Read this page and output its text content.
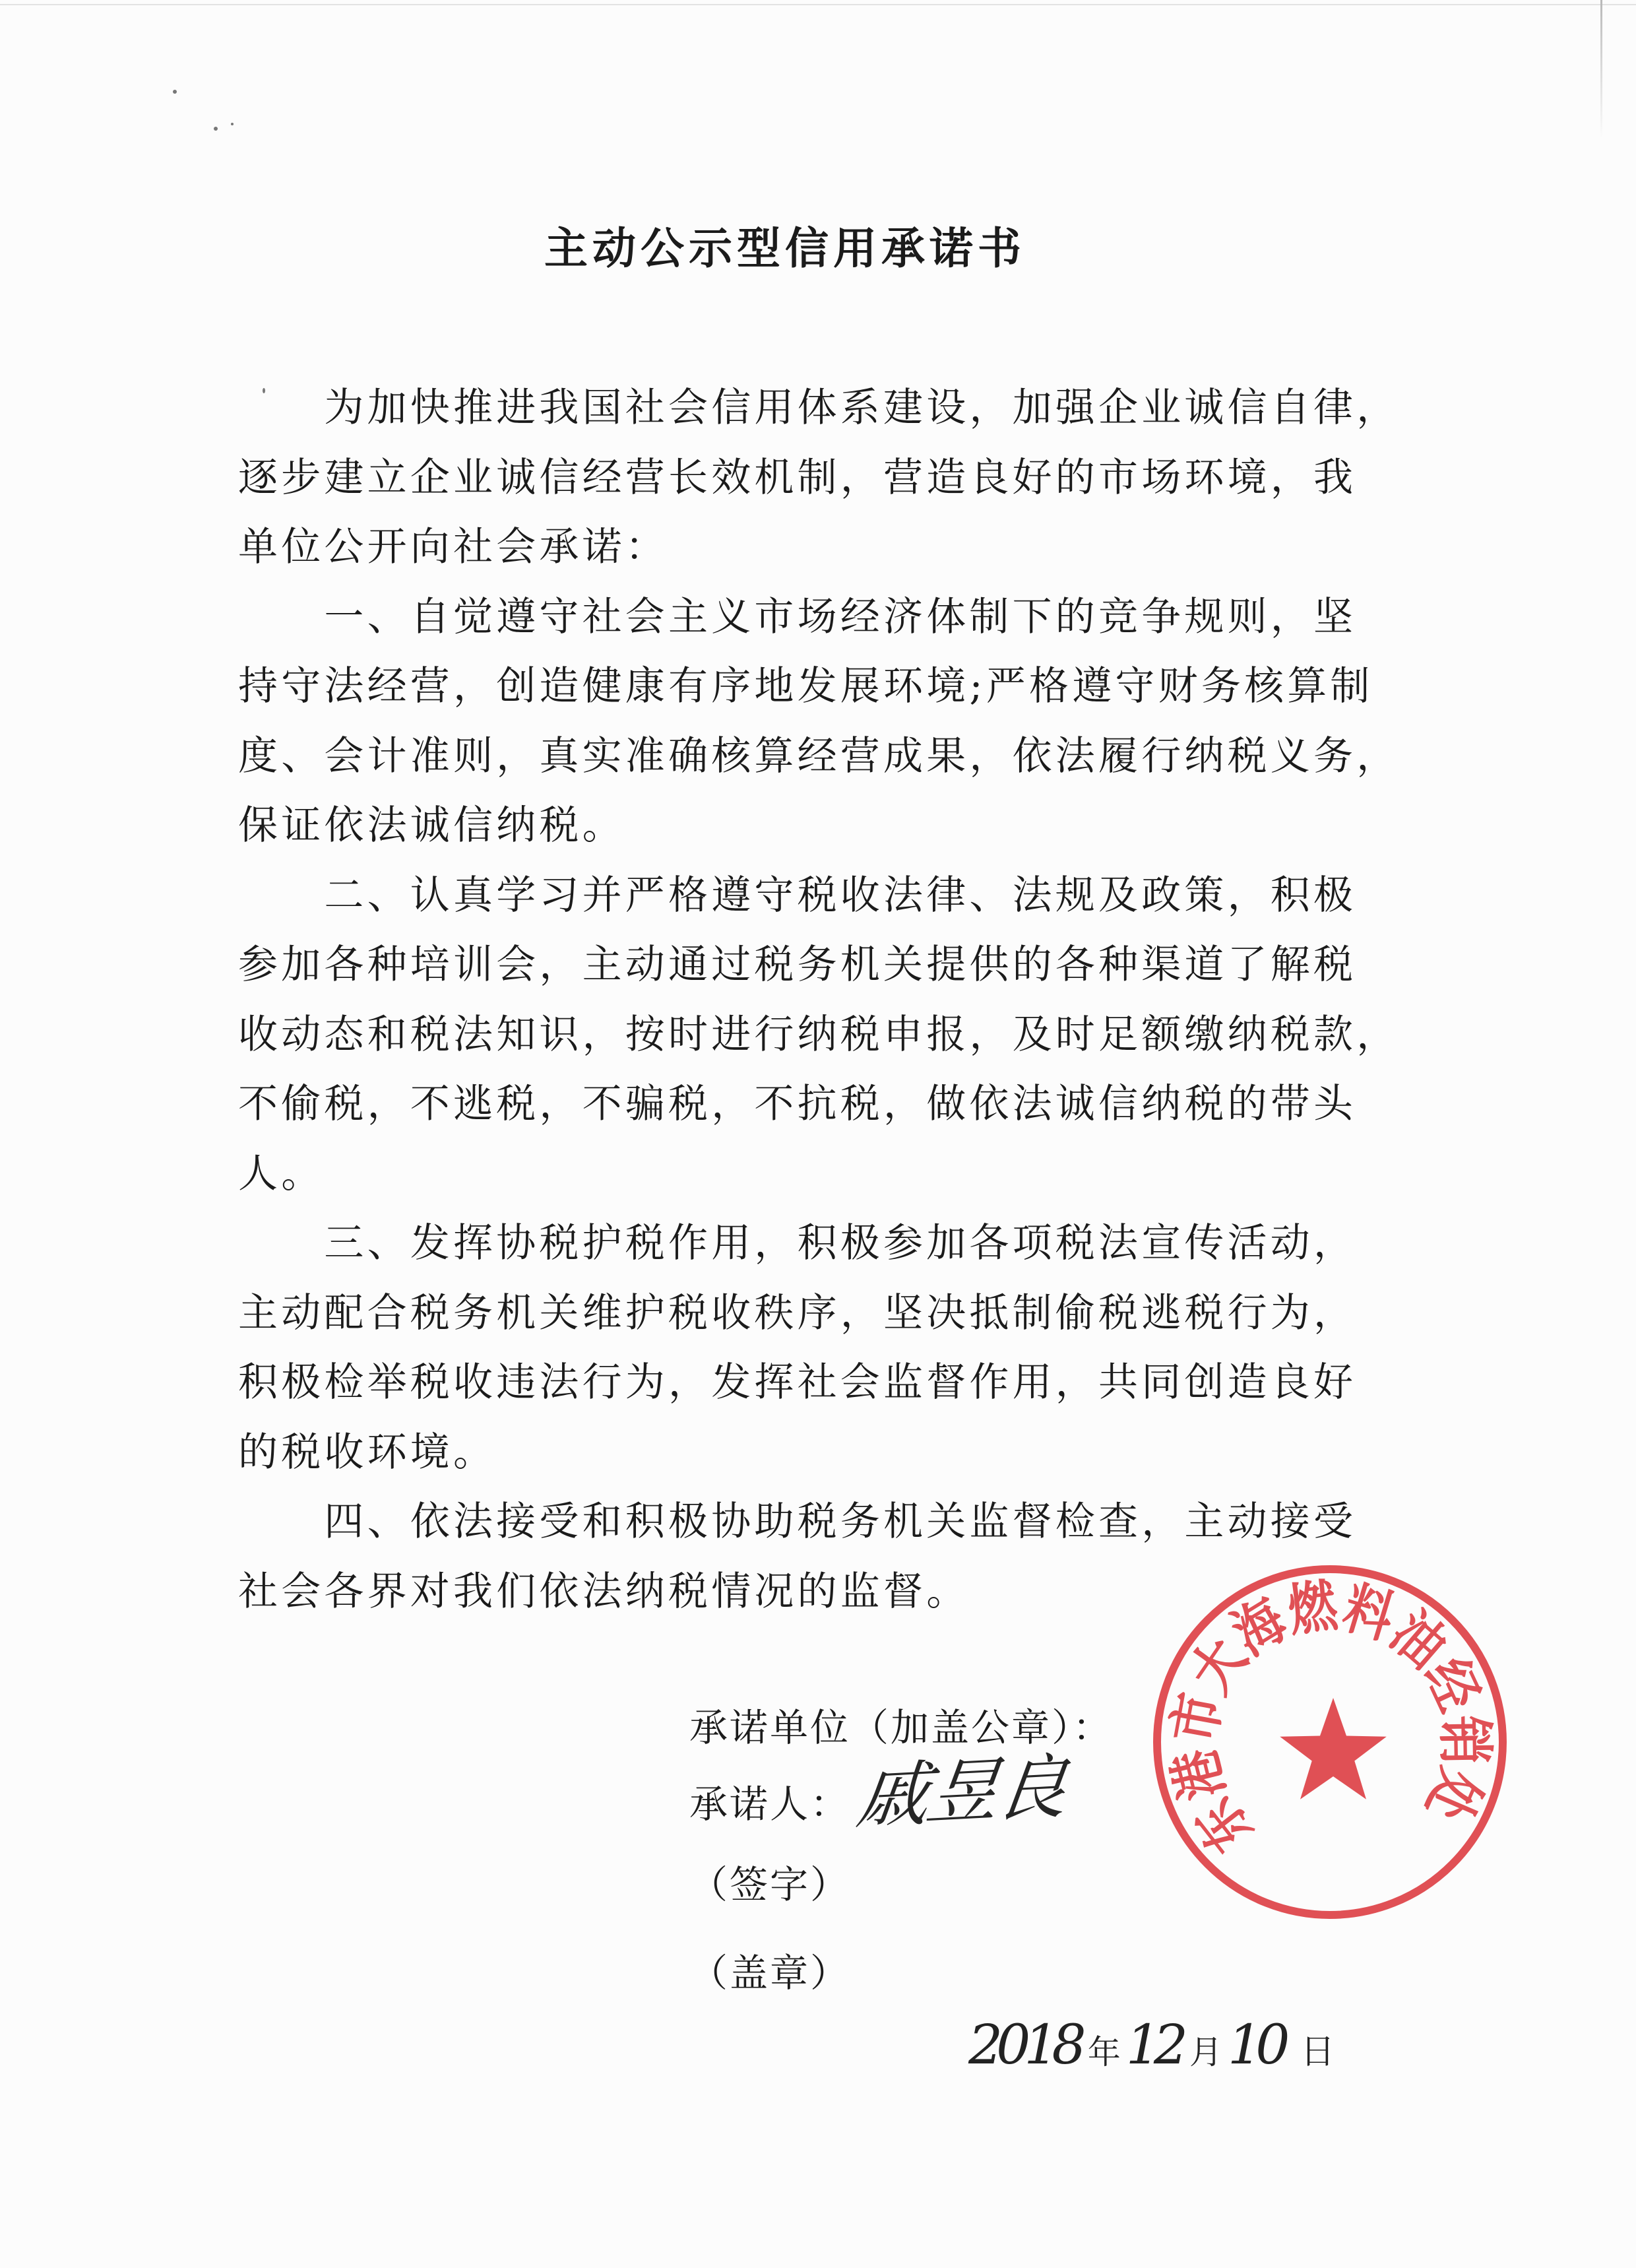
主动公示型信用承诺书
为加快推进我国社会信用体系建设，加强企业诚信自律，
逐步建立企业诚信经营长效机制，营造良好的市场环境，我
单位公开向社会承诺：
一、自觉遵守社会主义市场经济体制下的竞争规则，坚
持守法经营，创造健康有序地发展环境;严格遵守财务核算制
度、会计准则，真实准确核算经营成果，依法履行纳税义务，
保证依法诚信纳税。
二、认真学习并严格遵守税收法律、法规及政策，积极
参加各种培训会，主动通过税务机关提供的各种渠道了解税
收动态和税法知识，按时进行纳税申报，及时足额缴纳税款，
不偷税，不逃税，不骗税，不抗税，做依法诚信纳税的带头
人。
三、发挥协税护税作用，积极参加各项税法宣传活动，
主动配合税务机关维护税收秩序，坚决抵制偷税逃税行为，
积极检举税收违法行为，发挥社会监督作用，共同创造良好
的税收环境。
四、依法接受和积极协助税务机关监督检查，主动接受
社会各界对我们依法纳税情况的监督。
承诺单位（加盖公章）：
承诺人：
（签字）
（盖章）
戚昱良
2018 年 12 月 10 日
东港市大海燃料油经销处
